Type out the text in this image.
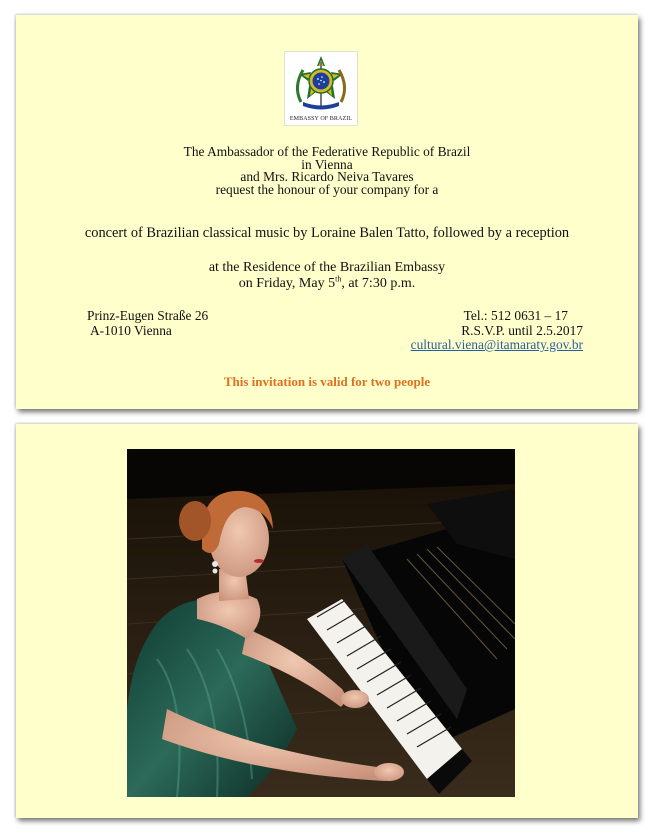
EMBASSY OF BRAZIL
The Ambassador of the Federative Republic of Brazil
in Vienna
and Mrs. Ricardo Neiva Tavares
request the honour of your company for a
concert of Brazilian classical music by Loraine Balen Tatto, followed by a reception
at the Residence of the Brazilian Embassy
on Friday, May 5th, at 7:30 p.m.
Prinz-Eugen Straße 26
A-1010 Vienna
Tel.: 512 0631 – 17
R.S.V.P. until 2.5.2017
cultural.viena@itamaraty.gov.br
This invitation is valid for two people
